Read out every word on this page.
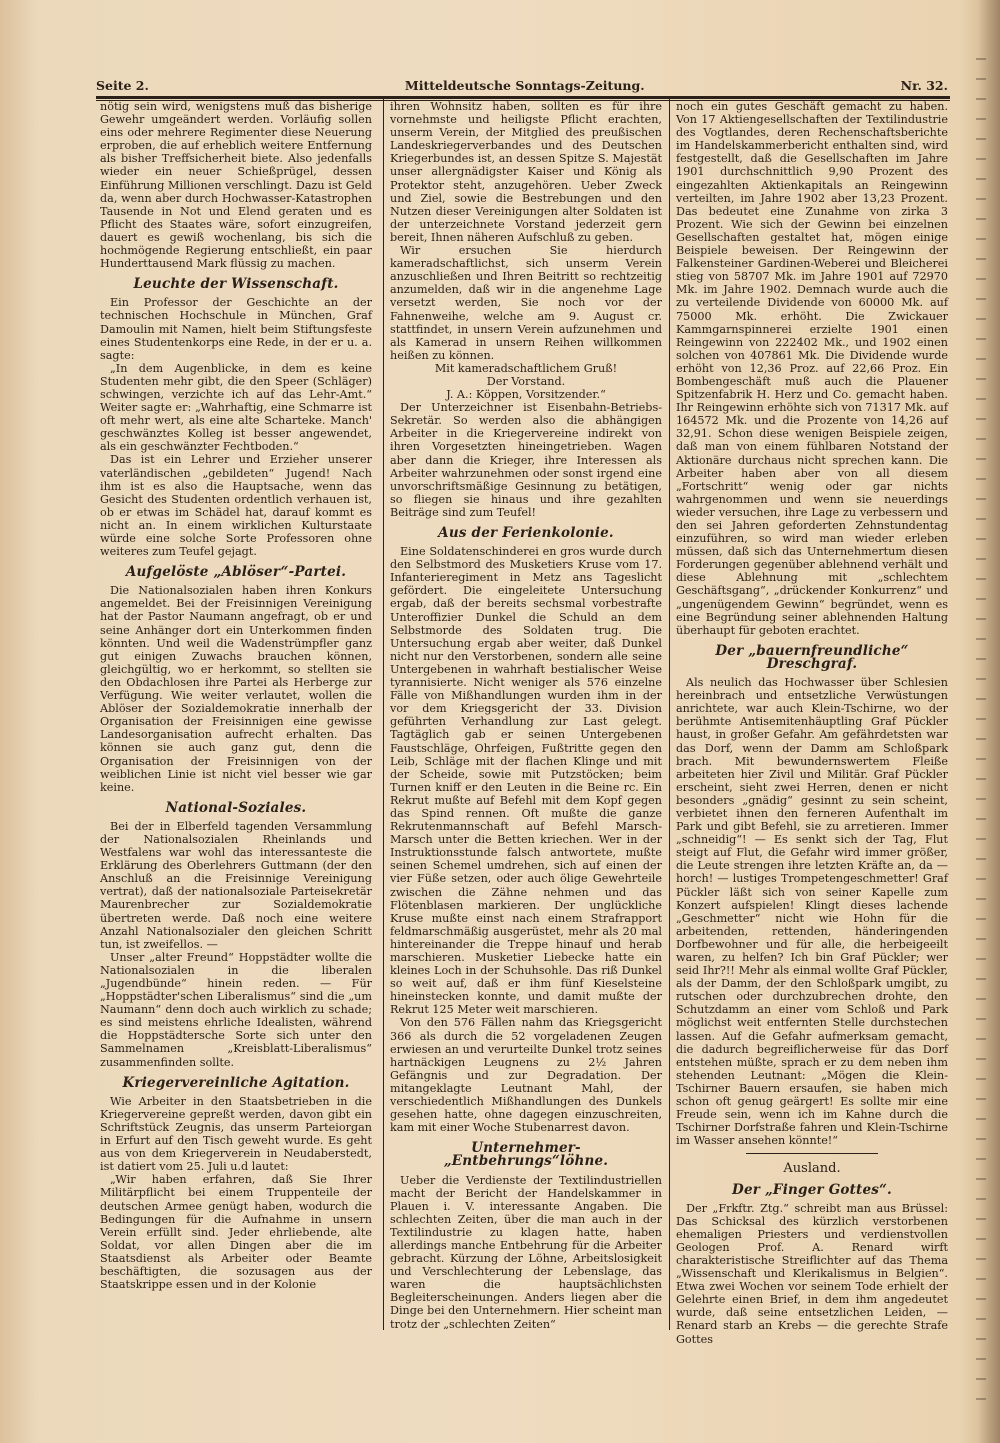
Seite 2.	Mitteldeutsche Sonntags-Zeitung.	Nr. 32.

nötig sein wird, wenigstens muß das bisherige Gewehr umgeändert werden. Vorläufig sollen eins oder mehrere Regimenter diese Neuerung erproben, die auf erheblich weitere Entfernung als bisher Treffsicherheit biete. Also jedenfalls wieder ein neuer Schießprügel, dessen Einführung Millionen verschlingt. Dazu ist Geld da, wenn aber durch Hochwasser-Katastrophen Tausende in Not und Elend geraten und es Pflicht des Staates wäre, sofort einzugreifen, dauert es gewiß wochenlang, bis sich die hochmögende Regierung entschließt, ein paar Hunderttausend Mark flüssig zu machen.

Leuchte der Wissenschaft.

Ein Professor der Geschichte an der technischen Hochschule in München, Graf Damoulin mit Namen, hielt beim Stiftungsfeste eines Studentenkorps eine Rede, in der er u. a. sagte:

„In dem Augenblicke, in dem es keine Studenten mehr gibt, die den Speer (Schläger) schwingen, verzichte ich auf das Lehr-Amt.“ Weiter sagte er: „Wahrhaftig, eine Schmarre ist oft mehr wert, als eine alte Scharteke. Manch' geschwänztes Kolleg ist besser angewendet, als ein geschwänzter Fechtboden.“

Das ist ein Lehrer und Erzieher unserer vaterländischen „gebildeten“ Jugend! Nach ihm ist es also die Hauptsache, wenn das Gesicht des Studenten ordentlich verhauen ist, ob er etwas im Schädel hat, darauf kommt es nicht an. In einem wirklichen Kulturstaate würde eine solche Sorte Professoren ohne weiteres zum Teufel gejagt.

Aufgelöste „Ablöser“-Partei.

Die Nationalsozialen haben ihren Konkurs angemeldet. Bei der Freisinnigen Vereinigung hat der Pastor Naumann angefragt, ob er und seine Anhänger dort ein Unterkommen finden könnten. Und weil die Wadenstrümpfler ganz gut einigen Zuwachs brauchen können, gleichgültig, wo er herkommt, so stellten sie den Obdachlosen ihre Partei als Herberge zur Verfügung. Wie weiter verlautet, wollen die Ablöser der Sozialdemokratie innerhalb der Organisation der Freisinnigen eine gewisse Landesorganisation aufrecht erhalten. Das können sie auch ganz gut, denn die Organisation der Freisinnigen von der weiblichen Linie ist nicht viel besser wie gar keine.

National-Soziales.

Bei der in Elberfeld tagenden Versammlung der Nationalsozialen Rheinlands und Westfalens war wohl das interessanteste die Erklärung des Oberlehrers Guttmann (der den Anschluß an die Freisinnige Vereinigung vertrat), daß der nationalsoziale Parteisekretär Maurenbrecher zur Sozialdemokratie übertreten werde. Daß noch eine weitere Anzahl Nationalsozialer den gleichen Schritt tun, ist zweifellos. —

Unser „alter Freund“ Hoppstädter wollte die Nationalsozialen in die liberalen „Jugendbünde“ hinein reden. — Für „Hoppstädter'schen Liberalismus“ sind die „um Naumann“ denn doch auch wirklich zu schade; es sind meistens ehrliche Idealisten, während die Hoppstädtersche Sorte sich unter den Sammelnamen „Kreisblatt-Liberalismus“ zusammenfinden sollte.

Kriegervereinliche Agitation.

Wie Arbeiter in den Staatsbetrieben in die Kriegervereine gepreßt werden, davon gibt ein Schriftstück Zeugnis, das unserm Parteiorgan in Erfurt auf den Tisch geweht wurde. Es geht aus von dem Kriegerverein in Neudaberstedt, ist datiert vom 25. Juli u.d lautet:

„Wir haben erfahren, daß Sie Ihrer Militärpflicht bei einem Truppenteile der deutschen Armee genügt haben, wodurch die Bedingungen für die Aufnahme in unsern Verein erfüllt sind. Jeder ehrliebende, alte Soldat, vor allen Dingen aber die im Staatsdienst als Arbeiter oder Beamte beschäftigten, die sozusagen aus der Staatskrippe essen und in der Kolonie

ihren Wohnsitz haben, sollten es für ihre vornehmste und heiligste Pflicht erachten, unserm Verein, der Mitglied des preußischen Landeskriegerverbandes und des Deutschen Kriegerbundes ist, an dessen Spitze S. Majestät unser allergnädigster Kaiser und König als Protektor steht, anzugehören. Ueber Zweck und Ziel, sowie die Bestrebungen und den Nutzen dieser Vereinigungen alter Soldaten ist der unterzeichnete Vorstand jederzeit gern bereit, Ihnen näheren Aufschluß zu geben.

Wir ersuchen Sie hierdurch kameradschaftlichst, sich unserm Verein anzuschließen und Ihren Beitritt so rechtzeitig anzumelden, daß wir in die angenehme Lage versetzt werden, Sie noch vor der Fahnenweihe, welche am 9. August cr. stattfindet, in unsern Verein aufzunehmen und als Kamerad in unsern Reihen willkommen heißen zu können.

Mit kameradschaftlichem Gruß!

Der Vorstand.

J. A.: Köppen, Vorsitzender.“

Der Unterzeichner ist Eisenbahn-Betriebs-Sekretär. So werden also die abhängigen Arbeiter in die Kriegervereine indirekt von ihren Vorgesetzten hineingetrieben. Wagen aber dann die Krieger, ihre Interessen als Arbeiter wahrzunehmen oder sonst irgend eine unvorschriftsmäßige Gesinnung zu betätigen, so fliegen sie hinaus und ihre gezahlten Beiträge sind zum Teufel!

Aus der Ferienkolonie.

Eine Soldatenschinderei en gros wurde durch den Selbstmord des Musketiers Kruse vom 17. Infanterieregiment in Metz ans Tageslicht gefördert. Die eingeleitete Untersuchung ergab, daß der bereits sechsmal vorbestrafte Unteroffizier Dunkel die Schuld an dem Selbstmorde des Soldaten trug. Die Untersuchung ergab aber weiter, daß Dunkel nicht nur den Verstorbenen, sondern alle seine Untergebenen in wahrhaft bestialischer Weise tyrannisierte. Nicht weniger als 576 einzelne Fälle von Mißhandlungen wurden ihm in der vor dem Kriegsgericht der 33. Division geführten Verhandlung zur Last gelegt. Tagtäglich gab er seinen Untergebenen Faustschläge, Ohrfeigen, Fußtritte gegen den Leib, Schläge mit der flachen Klinge und mit der Scheide, sowie mit Putzstöcken; beim Turnen kniff er den Leuten in die Beine rc. Ein Rekrut mußte auf Befehl mit dem Kopf gegen das Spind rennen. Oft mußte die ganze Rekrutenmannschaft auf Befehl Marsch-Marsch unter die Betten kriechen. Wer in der Instruktionsstunde falsch antwortete, mußte seinen Schemel umdrehen, sich auf einen der vier Füße setzen, oder auch ölige Gewehrteile zwischen die Zähne nehmen und das Flötenblasen markieren. Der unglückliche Kruse mußte einst nach einem Strafrapport feldmarschmäßig ausgerüstet, mehr als 20 mal hintereinander die Treppe hinauf und herab marschieren. Musketier Liebecke hatte ein kleines Loch in der Schuhsohle. Das riß Dunkel so weit auf, daß er ihm fünf Kieselsteine hineinstecken konnte, und damit mußte der Rekrut 125 Meter weit marschieren.

Von den 576 Fällen nahm das Kriegsgericht 366 als durch die 52 vorgeladenen Zeugen erwiesen an und verurteilte Dunkel trotz seines hartnäckigen Leugnens zu 2½ Jahren Gefängnis und zur Degradation. Der mitangeklagte Leutnant Mahl, der verschiedentlich Mißhandlungen des Dunkels gesehen hatte, ohne dagegen einzuschreiten, kam mit einer Woche Stubenarrest davon.

Unternehmer-„Entbehrungs“löhne.

Ueber die Verdienste der Textilindustriellen macht der Bericht der Handelskammer in Plauen i. V. interessante Angaben. Die schlechten Zeiten, über die man auch in der Textilindustrie zu klagen hatte, haben allerdings manche Entbehrung für die Arbeiter gebracht. Kürzung der Löhne, Arbeitslosigkeit und Verschlechterung der Lebenslage, das waren die hauptsächlichsten Begleiterscheinungen. Anders liegen aber die Dinge bei den Unternehmern. Hier scheint man trotz der „schlechten Zeiten“

noch ein gutes Geschäft gemacht zu haben. Von 17 Aktiengesellschaften der Textilindustrie des Vogtlandes, deren Rechenschaftsberichte im Handelskammerbericht enthalten sind, wird festgestellt, daß die Gesellschaften im Jahre 1901 durchschnittlich 9,90 Prozent des eingezahlten Aktienkapitals an Reingewinn verteilten, im Jahre 1902 aber 13,23 Prozent. Das bedeutet eine Zunahme von zirka 3 Prozent. Wie sich der Gewinn bei einzelnen Gesellschaften gestaltet hat, mögen einige Beispiele beweisen. Der Reingewinn der Falkensteiner Gardinen-Weberei und Bleicherei stieg von 58707 Mk. im Jahre 1901 auf 72970 Mk. im Jahre 1902. Demnach wurde auch die zu verteilende Dividende von 60000 Mk. auf 75000 Mk. erhöht. Die Zwickauer Kammgarnspinnerei erzielte 1901 einen Reingewinn von 222402 Mk., und 1902 einen solchen von 407861 Mk. Die Dividende wurde erhöht von 12,36 Proz. auf 22,66 Proz. Ein Bombengeschäft muß auch die Plauener Spitzenfabrik H. Herz und Co. gemacht haben. Ihr Reingewinn erhöhte sich von 71317 Mk. auf 164572 Mk. und die Prozente von 14,26 auf 32,91. Schon diese wenigen Beispiele zeigen, daß man von einem fühlbaren Notstand der Aktionäre durchaus nicht sprechen kann. Die Arbeiter haben aber von all diesem „Fortschritt“ wenig oder gar nichts wahrgenommen und wenn sie neuerdings wieder versuchen, ihre Lage zu verbessern und den sei Jahren geforderten Zehnstundentag einzuführen, so wird man wieder erleben müssen, daß sich das Unternehmertum diesen Forderungen gegenüber ablehnend verhält und diese Ablehnung mit „schlechtem Geschäftsgang“, „drückender Konkurrenz“ und „ungenügendem Gewinn“ begründet, wenn es eine Begründung seiner ablehnenden Haltung überhaupt für geboten erachtet.

Der „bauernfreundliche“ Dreschgraf.

Als neulich das Hochwasser über Schlesien hereinbrach und entsetzliche Verwüstungen anrichtete, war auch Klein-Tschirne, wo der berühmte Antisemitenhäuptling Graf Pückler haust, in großer Gefahr. Am gefährdetsten war das Dorf, wenn der Damm am Schloßpark brach. Mit bewundernswertem Fleiße arbeiteten hier Zivil und Militär. Graf Pückler erscheint, sieht zwei Herren, denen er nicht besonders „gnädig“ gesinnt zu sein scheint, verbietet ihnen den ferneren Aufenthalt im Park und gibt Befehl, sie zu arretieren. Immer „schneidig“! — Es senkt sich der Tag, Flut steigt auf Flut, die Gefahr wird immer größer, die Leute strengen ihre letzten Kräfte an, da — horch! — lustiges Trompetengeschmetter! Graf Pückler läßt sich von seiner Kapelle zum Konzert aufspielen! Klingt dieses lachende „Geschmetter“ nicht wie Hohn für die arbeitenden, rettenden, händeringenden Dorfbewohner und für alle, die herbeigeeilt waren, zu helfen? Ich bin Graf Pückler; wer seid Ihr?!! Mehr als einmal wollte Graf Pückler, als der Damm, der den Schloßpark umgibt, zu rutschen oder durchzubrechen drohte, den Schutzdamm an einer vom Schloß und Park möglichst weit entfernten Stelle durchstechen lassen. Auf die Gefahr aufmerksam gemacht, die dadurch begreiflicherweise für das Dorf entstehen müßte, sprach er zu dem neben ihm stehenden Leutnant: „Mögen die Klein-Tschirner Bauern ersaufen, sie haben mich schon oft genug geärgert! Es sollte mir eine Freude sein, wenn ich im Kahne durch die Tschirner Dorfstraße fahren und Klein-Tschirne im Wasser ansehen könnte!“

Ausland.
Der „Finger Gottes“.

Der „Frkftr. Ztg.“ schreibt man aus Brüssel: Das Schicksal des kürzlich verstorbenen ehemaligen Priesters und verdienstvollen Geologen Prof. A. Renard wirft charakteristische Streiflichter auf das Thema „Wissenschaft und Klerikalismus in Belgien“. Etwa zwei Wochen vor seinem Tode erhielt der Gelehrte einen Brief, in dem ihm angedeutet wurde, daß seine entsetzlichen Leiden, — Renard starb an Krebs — die gerechte Strafe Gottes
